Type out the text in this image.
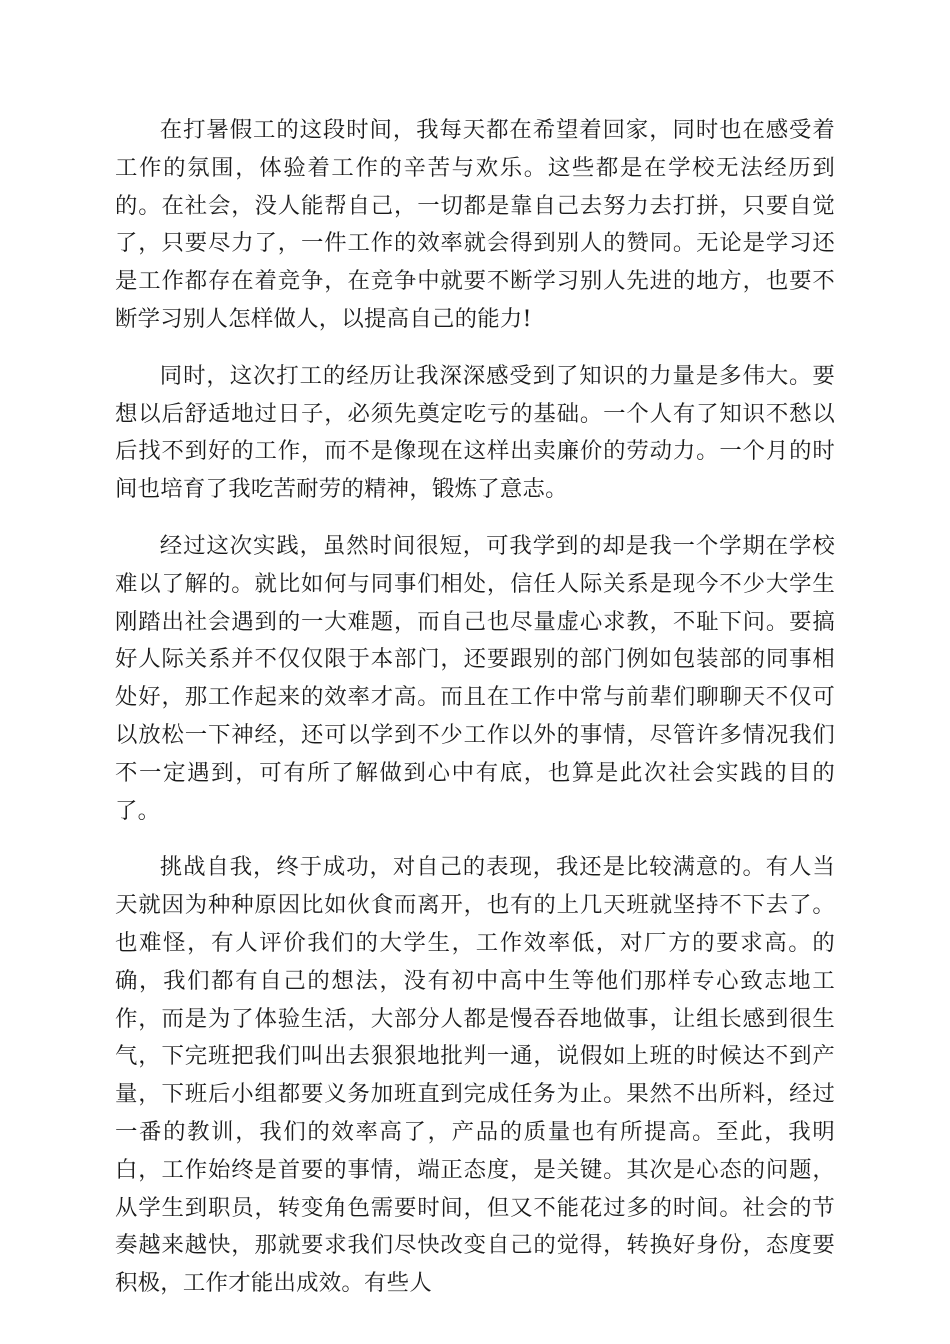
在打暑假工的这段时间，我每天都在希望着回家，同时也在感受着工作的氛围，体验着工作的辛苦与欢乐。这些都是在学校无法经历到的。在社会，没人能帮自己，一切都是靠自己去努力去打拼，只要自觉了，只要尽力了，一件工作的效率就会得到别人的赞同。无论是学习还是工作都存在着竞争，在竞争中就要不断学习别人先进的地方，也要不断学习别人怎样做人，以提高自己的能力!

同时，这次打工的经历让我深深感受到了知识的力量是多伟大。要想以后舒适地过日子，必须先奠定吃亏的基础。一个人有了知识不愁以后找不到好的工作，而不是像现在这样出卖廉价的劳动力。一个月的时间也培育了我吃苦耐劳的精神，锻炼了意志。

经过这次实践，虽然时间很短，可我学到的却是我一个学期在学校难以了解的。就比如何与同事们相处，信任人际关系是现今不少大学生刚踏出社会遇到的一大难题，而自己也尽量虚心求教，不耻下问。要搞好人际关系并不仅仅限于本部门，还要跟别的部门例如包装部的同事相处好，那工作起来的效率才高。而且在工作中常与前辈们聊聊天不仅可以放松一下神经，还可以学到不少工作以外的事情，尽管许多情况我们不一定遇到，可有所了解做到心中有底，也算是此次社会实践的目的了。

挑战自我，终于成功，对自己的表现，我还是比较满意的。有人当天就因为种种原因比如伙食而离开，也有的上几天班就坚持不下去了。也难怪，有人评价我们的大学生，工作效率低，对厂方的要求高。的确，我们都有自己的想法，没有初中高中生等他们那样专心致志地工作，而是为了体验生活，大部分人都是慢吞吞地做事，让组长感到很生气，下完班把我们叫出去狠狠地批判一通，说假如上班的时候达不到产量，下班后小组都要义务加班直到完成任务为止。果然不出所料，经过一番的教训，我们的效率高了，产品的质量也有所提高。至此，我明白，工作始终是首要的事情，端正态度，是关键。其次是心态的问题，从学生到职员，转变角色需要时间，但又不能花过多的时间。社会的节奏越来越快，那就要求我们尽快改变自己的觉得，转换好身份，态度要积极，工作才能出成效。有些人
